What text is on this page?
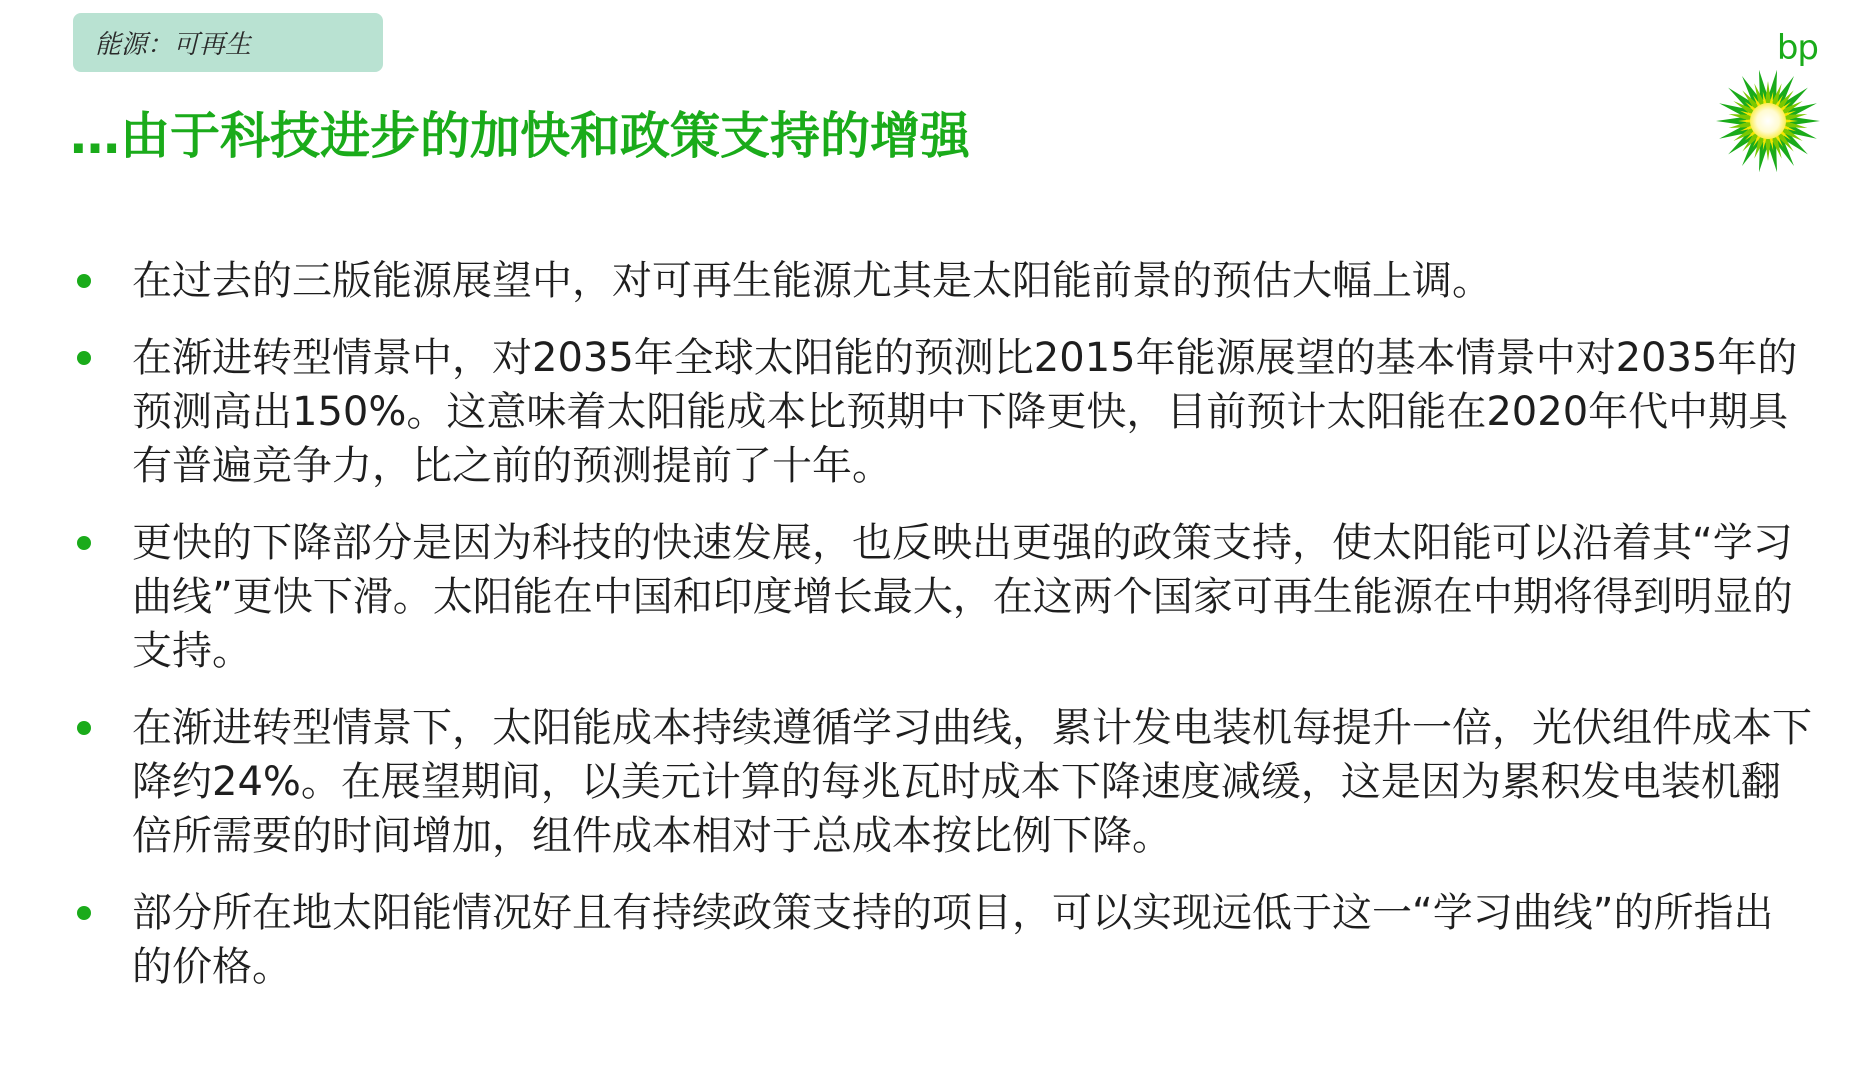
能源：可再生
…由于科技进步的加快和政策支持的增强
bp
在过去的三版能源展望中，对可再生能源尤其是太阳能前景的预估大幅上调。
在渐进转型情景中，对2035年全球太阳能的预测比2015年能源展望的基本情景中对2035年的预测高出150%。这意味着太阳能成本比预期中下降更快，目前预计太阳能在2020年代中期具有普遍竞争力，比之前的预测提前了十年。
更快的下降部分是因为科技的快速发展，也反映出更强的政策支持，使太阳能可以沿着其“学习曲线”更快下滑。太阳能在中国和印度增长最大，在这两个国家可再生能源在中期将得到明显的支持。
在渐进转型情景下，太阳能成本持续遵循学习曲线，累计发电装机每提升一倍，光伏组件成本下降约24%。在展望期间，以美元计算的每兆瓦时成本下降速度减缓，这是因为累积发电装机翻倍所需要的时间增加，组件成本相对于总成本按比例下降。
部分所在地太阳能情况好且有持续政策支持的项目，可以实现远低于这一“学习曲线”的所指出的价格。
